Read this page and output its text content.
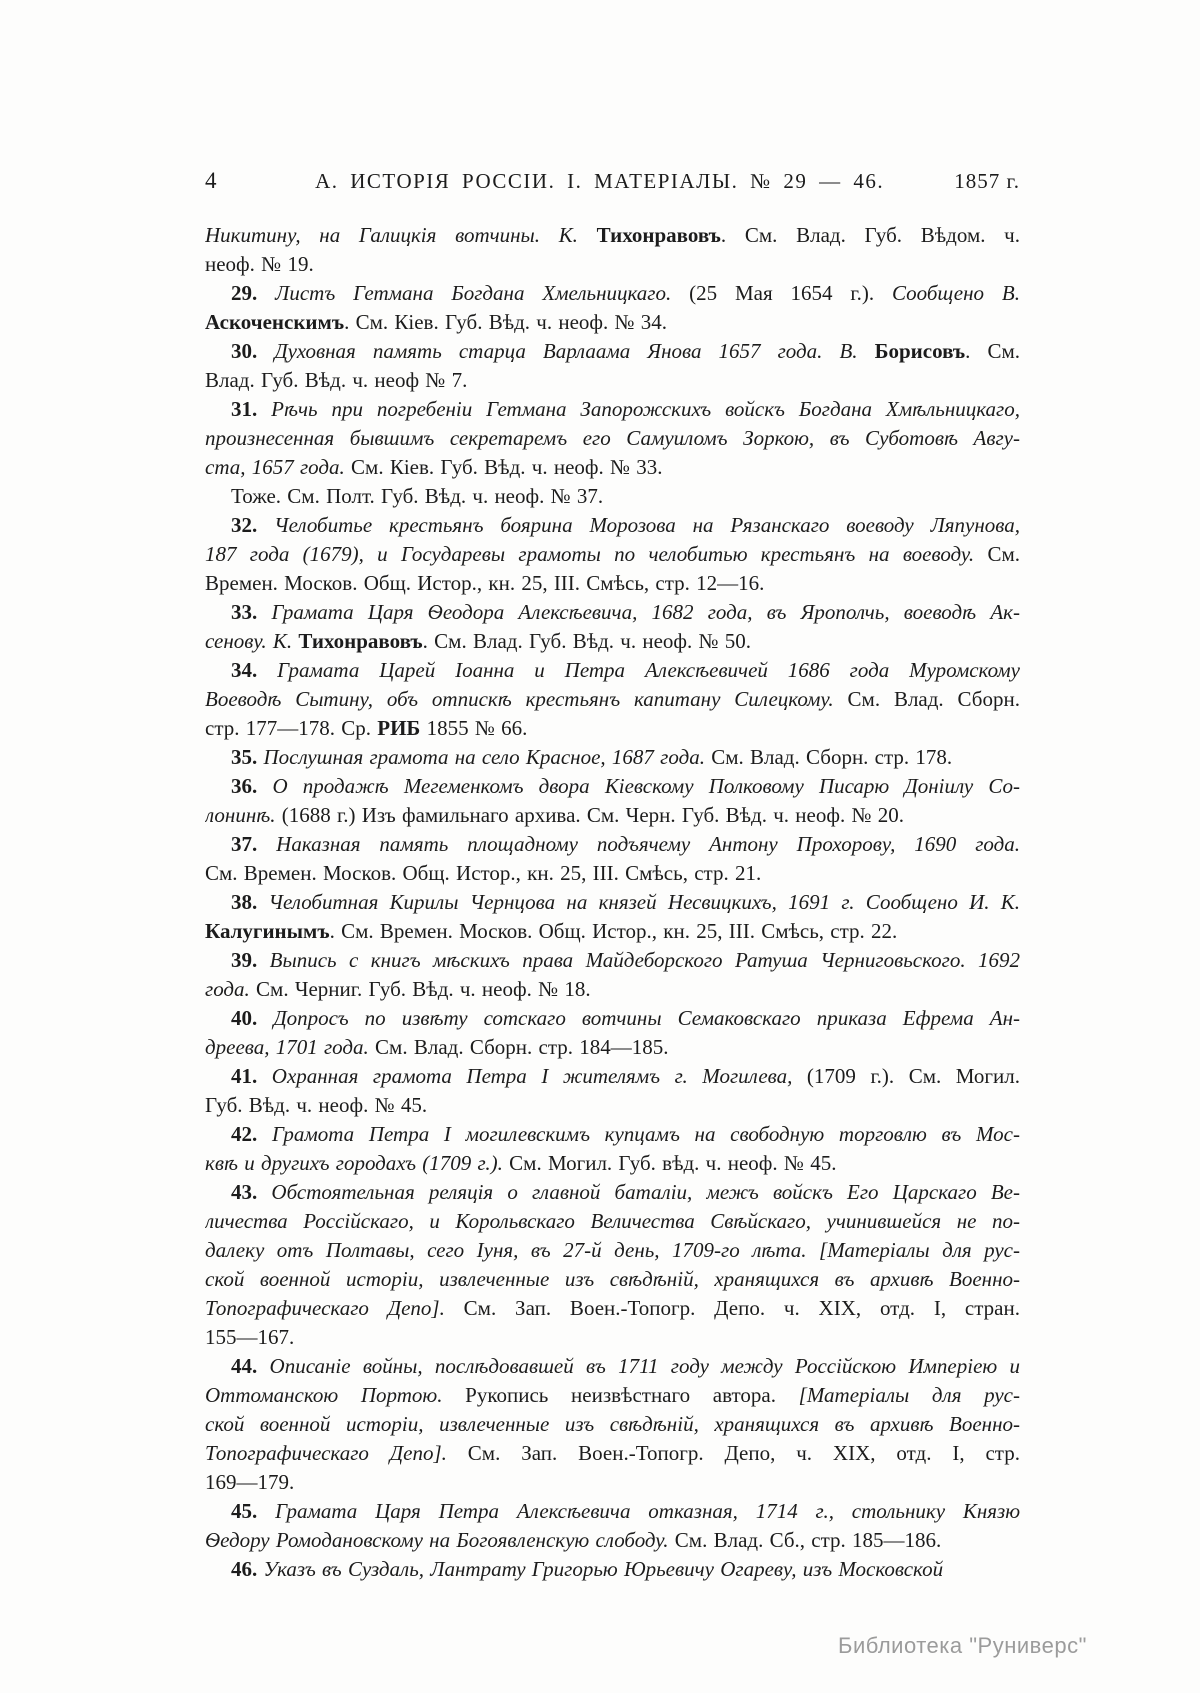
4	А. ИСТОРІЯ РОССІИ. I. МАТЕРІАЛЫ. № 29 — 46.	1857 г.
Никитину, на Галицкія вотчины. К. Тихонравовъ. См. Влад. Губ. Вѣдом. ч.
неоф. № 19.
29. Листъ Гетмана Богдана Хмельницкаго. (25 Мая 1654 г.). Сообщено В.
Аскоченскимъ. См. Кіев. Губ. Вѣд. ч. неоф. № 34.
30. Духовная память старца Варлаама Янова 1657 года. В. Борисовъ. См.
Влад. Губ. Вѣд. ч. неоф № 7.
31. Рѣчь при погребеніи Гетмана Запорожскихъ войскъ Богдана Хмѣльницкаго,
произнесенная бывшимъ секретаремъ его Самуиломъ Зоркою, въ Суботовѣ Авгу-
ста, 1657 года. См. Кіев. Губ. Вѣд. ч. неоф. № 33.
Тоже. См. Полт. Губ. Вѣд. ч. неоф. № 37.
32. Челобитье крестьянъ боярина Морозова на Рязанскаго воеводу Ляпунова,
187 года (1679), и Государевы грамоты по челобитью крестьянъ на воеводу. См.
Времен. Москов. Общ. Истор., кн. 25, III. Смѣсь, стр. 12—16.
33. Грамата Царя Ѳеодора Алексѣевича, 1682 года, въ Ярополчь, воеводѣ Ак-
сенову. К. Тихонравовъ. См. Влад. Губ. Вѣд. ч. неоф. № 50.
34. Грамата Царей Іоанна и Петра Алексѣевичей 1686 года Муромскому
Воеводѣ Сытину, объ отпискѣ крестьянъ капитану Силецкому. См. Влад. Сборн.
стр. 177—178. Ср. РИБ 1855 № 66.
35. Послушная грамота на село Красное, 1687 года. См. Влад. Сборн. стр. 178.
36. О продажѣ Мегеменкомъ двора Кіевскому Полковому Писарю Доніилу Со-
лонинѣ. (1688 г.) Изъ фамильнаго архива. См. Черн. Губ. Вѣд. ч. неоф. № 20.
37. Наказная память площадному подъячему Антону Прохорову, 1690 года.
См. Времен. Москов. Общ. Истор., кн. 25, III. Смѣсь, стр. 21.
38. Челобитная Кирилы Чернцова на князей Несвицкихъ, 1691 г. Сообщено И. К.
Калугинымъ. См. Времен. Москов. Общ. Истор., кн. 25, III. Смѣсь, стр. 22.
39. Выпись с книгъ мѣскихъ права Майдеборского Ратуша Черниговьского. 1692
года. См. Черниг. Губ. Вѣд. ч. неоф. № 18.
40. Допросъ по извѣту сотскаго вотчины Семаковскаго приказа Ефрема Ан-
дреева, 1701 года. См. Влад. Сборн. стр. 184—185.
41. Охранная грамота Петра I жителямъ г. Могилева, (1709 г.). См. Могил.
Губ. Вѣд. ч. неоф. № 45.
42. Грамота Петра I могилевскимъ купцамъ на свободную торговлю въ Мос-
квѣ и другихъ городахъ (1709 г.). См. Могил. Губ. вѣд. ч. неоф. № 45.
43. Обстоятельная реляція о главной баталіи, межъ войскъ Его Царскаго Ве-
личества Россійскаго, и Корольвскаго Величества Свѣйскаго, учинившейся не по-
далеку отъ Полтавы, сего Іуня, въ 27-й день, 1709-го лѣта. [Матеріалы для рус-
ской военной исторіи, извлеченные изъ свѣдѣній, хранящихся въ архивѣ Военно-
Топографическаго Депо]. См. Зап. Воен.-Топогр. Депо. ч. XIX, отд. I, стран.
155—167.
44. Описаніе войны, послѣдовавшей въ 1711 году между Россійскою Имперіею и
Оттоманскою Портою. Рукопись неизвѣстнаго автора. [Матеріалы для рус-
ской военной исторіи, извлеченные изъ свѣдѣній, хранящихся въ архивѣ Военно-
Топографическаго Депо]. См. Зап. Воен.-Топогр. Депо, ч. XIX, отд. I, стр.
169—179.
45. Грамата Царя Петра Алексѣевича отказная, 1714 г., стольнику Князю
Ѳедору Ромодановскому на Богоявленскую слободу. См. Влад. Сб., стр. 185—186.
46. Указъ въ Суздаль, Лантрату Григорью Юрьевичу Огареву, изъ Московской
Библиотека "Руниверс"
